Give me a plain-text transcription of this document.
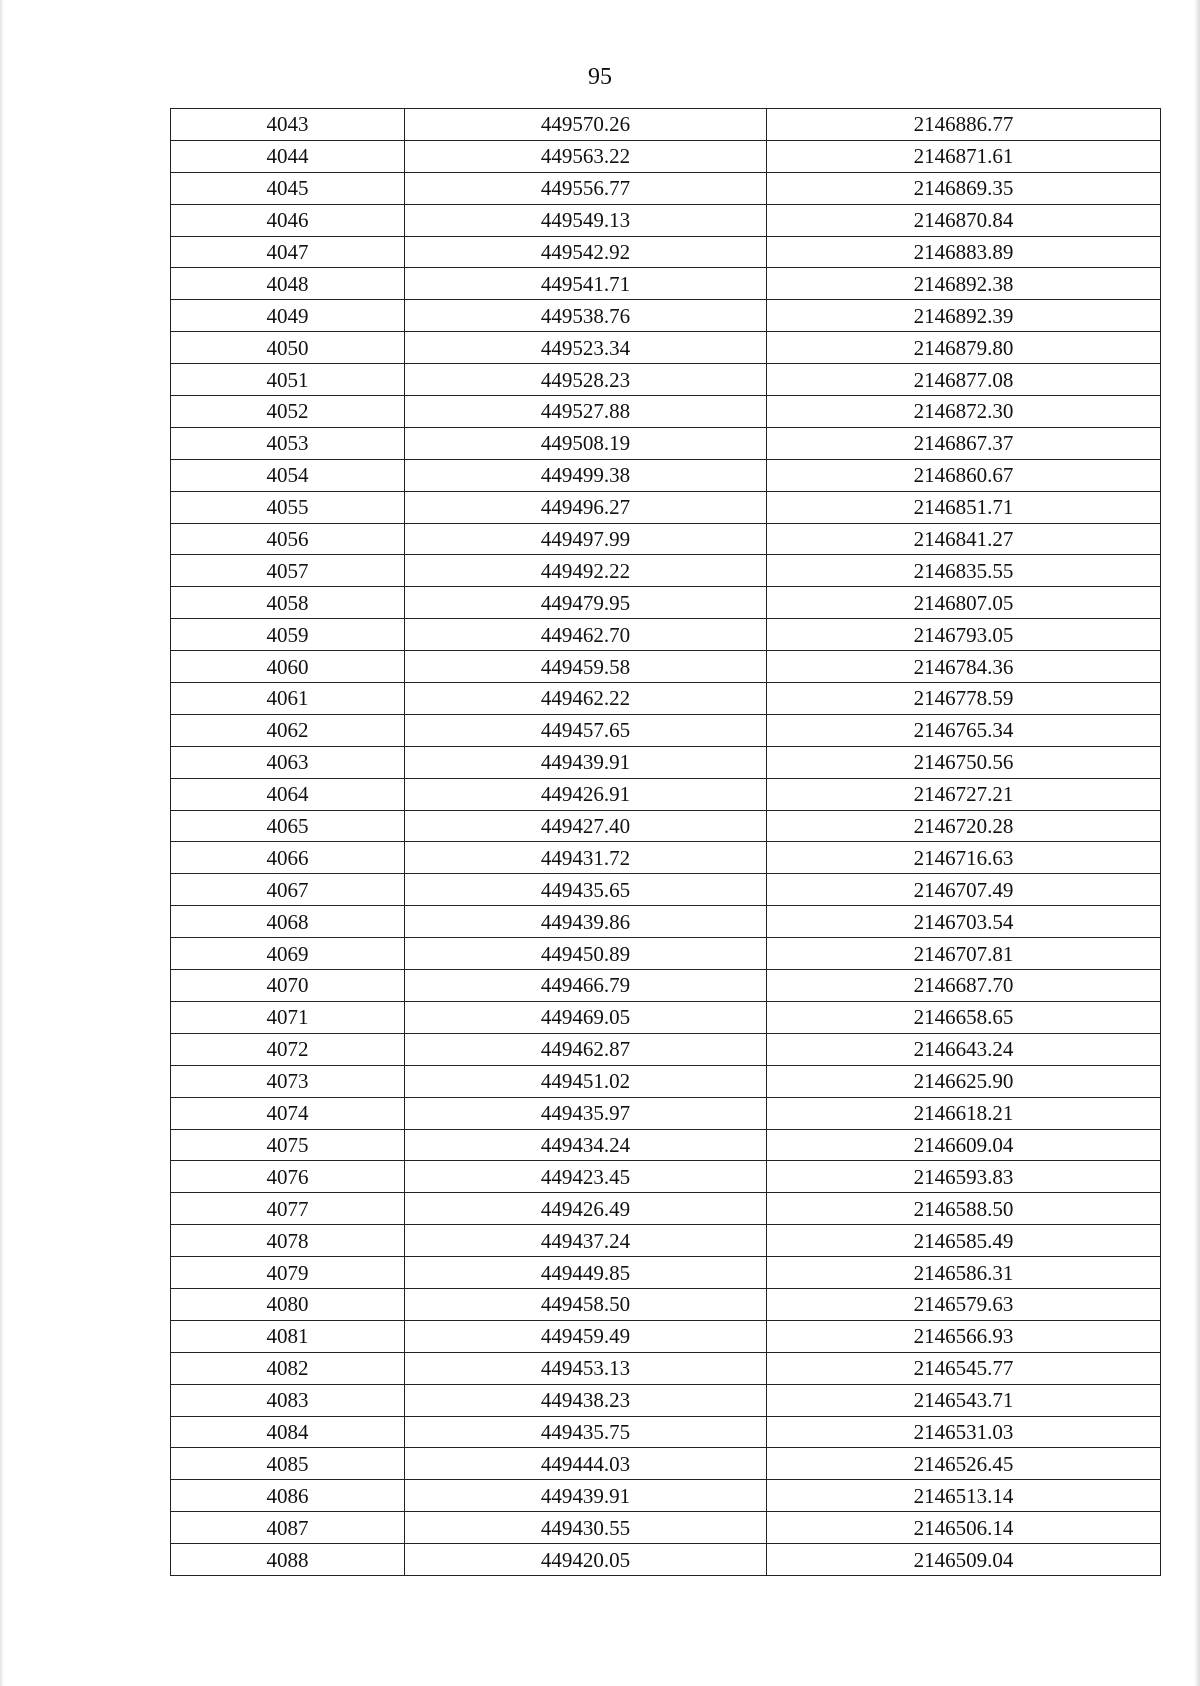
95
4043	449570.26	2146886.77
4044	449563.22	2146871.61
4045	449556.77	2146869.35
4046	449549.13	2146870.84
4047	449542.92	2146883.89
4048	449541.71	2146892.38
4049	449538.76	2146892.39
4050	449523.34	2146879.80
4051	449528.23	2146877.08
4052	449527.88	2146872.30
4053	449508.19	2146867.37
4054	449499.38	2146860.67
4055	449496.27	2146851.71
4056	449497.99	2146841.27
4057	449492.22	2146835.55
4058	449479.95	2146807.05
4059	449462.70	2146793.05
4060	449459.58	2146784.36
4061	449462.22	2146778.59
4062	449457.65	2146765.34
4063	449439.91	2146750.56
4064	449426.91	2146727.21
4065	449427.40	2146720.28
4066	449431.72	2146716.63
4067	449435.65	2146707.49
4068	449439.86	2146703.54
4069	449450.89	2146707.81
4070	449466.79	2146687.70
4071	449469.05	2146658.65
4072	449462.87	2146643.24
4073	449451.02	2146625.90
4074	449435.97	2146618.21
4075	449434.24	2146609.04
4076	449423.45	2146593.83
4077	449426.49	2146588.50
4078	449437.24	2146585.49
4079	449449.85	2146586.31
4080	449458.50	2146579.63
4081	449459.49	2146566.93
4082	449453.13	2146545.77
4083	449438.23	2146543.71
4084	449435.75	2146531.03
4085	449444.03	2146526.45
4086	449439.91	2146513.14
4087	449430.55	2146506.14
4088	449420.05	2146509.04
